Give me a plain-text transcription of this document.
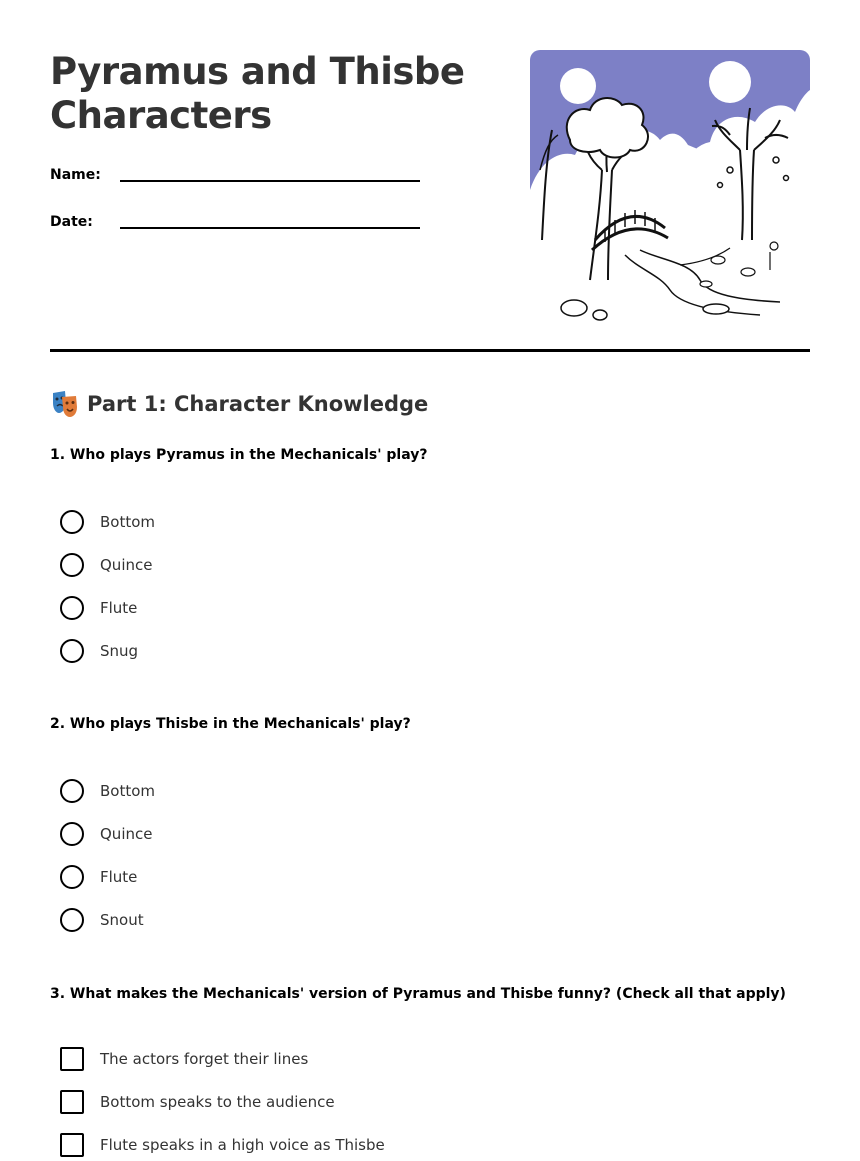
Pyramus and Thisbe Characters
Name:
Date:
Part 1: Character Knowledge

1. Who plays Pyramus in the Mechanicals' play?

Bottom
Quince
Flute
Snug

2. Who plays Thisbe in the Mechanicals' play?

Bottom
Quince
Flute
Snout

3. What makes the Mechanicals' version of Pyramus and Thisbe funny? (Check all that apply)

The actors forget their lines
Bottom speaks to the audience
Flute speaks in a high voice as Thisbe
